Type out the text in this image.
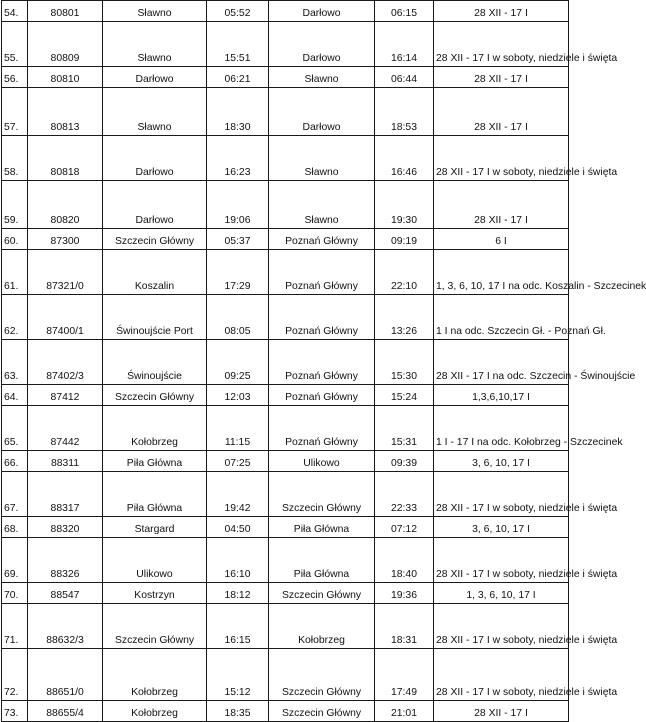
54.	80801	Sławno	05:52	Darłowo	06:15	28 XII - 17 I
55.	80809	Sławno	15:51	Darłowo	16:14	28 XII - 17 I w soboty, niedziele i święta
56.	80810	Darłowo	06:21	Sławno	06:44	28 XII - 17 I
57.	80813	Sławno	18:30	Darłowo	18:53	28 XII - 17 I
58.	80818	Darłowo	16:23	Sławno	16:46	28 XII - 17 I w soboty, niedziele i święta
59.	80820	Darłowo	19:06	Sławno	19:30	28 XII - 17 I
60.	87300	Szczecin Główny	05:37	Poznań Główny	09:19	6 I
61.	87321/0	Koszalin	17:29	Poznań Główny	22:10	1, 3, 6, 10, 17 I na odc. Koszalin - Szczecinek
62.	87400/1	Świnoujście Port	08:05	Poznań Główny	13:26	1 I na odc. Szczecin Gł. - Poznań Gł.
63.	87402/3	Świnoujście	09:25	Poznań Główny	15:30	28 XII - 17 I na odc. Szczecin - Świnoujście
64.	87412	Szczecin Główny	12:03	Poznań Główny	15:24	1,3,6,10,17 I
65.	87442	Kołobrzeg	11:15	Poznań Główny	15:31	1 I - 17 I na odc. Kołobrzeg - Szczecinek
66.	88311	Piła Główna	07:25	Ulikowo	09:39	3, 6, 10, 17 I
67.	88317	Piła Główna	19:42	Szczecin Główny	22:33	28 XII - 17 I w soboty, niedziele i święta
68.	88320	Stargard	04:50	Piła Główna	07:12	3, 6, 10, 17 I
69.	88326	Ulikowo	16:10	Piła Główna	18:40	28 XII - 17 I w soboty, niedziele i święta
70.	88547	Kostrzyn	18:12	Szczecin Główny	19:36	1, 3, 6, 10, 17 I
71.	88632/3	Szczecin Główny	16:15	Kołobrzeg	18:31	28 XII - 17 I w soboty, niedziele i święta
72.	88651/0	Kołobrzeg	15:12	Szczecin Główny	17:49	28 XII - 17 I w soboty, niedziele i święta
73.	88655/4	Kołobrzeg	18:35	Szczecin Główny	21:01	28 XII - 17 I
